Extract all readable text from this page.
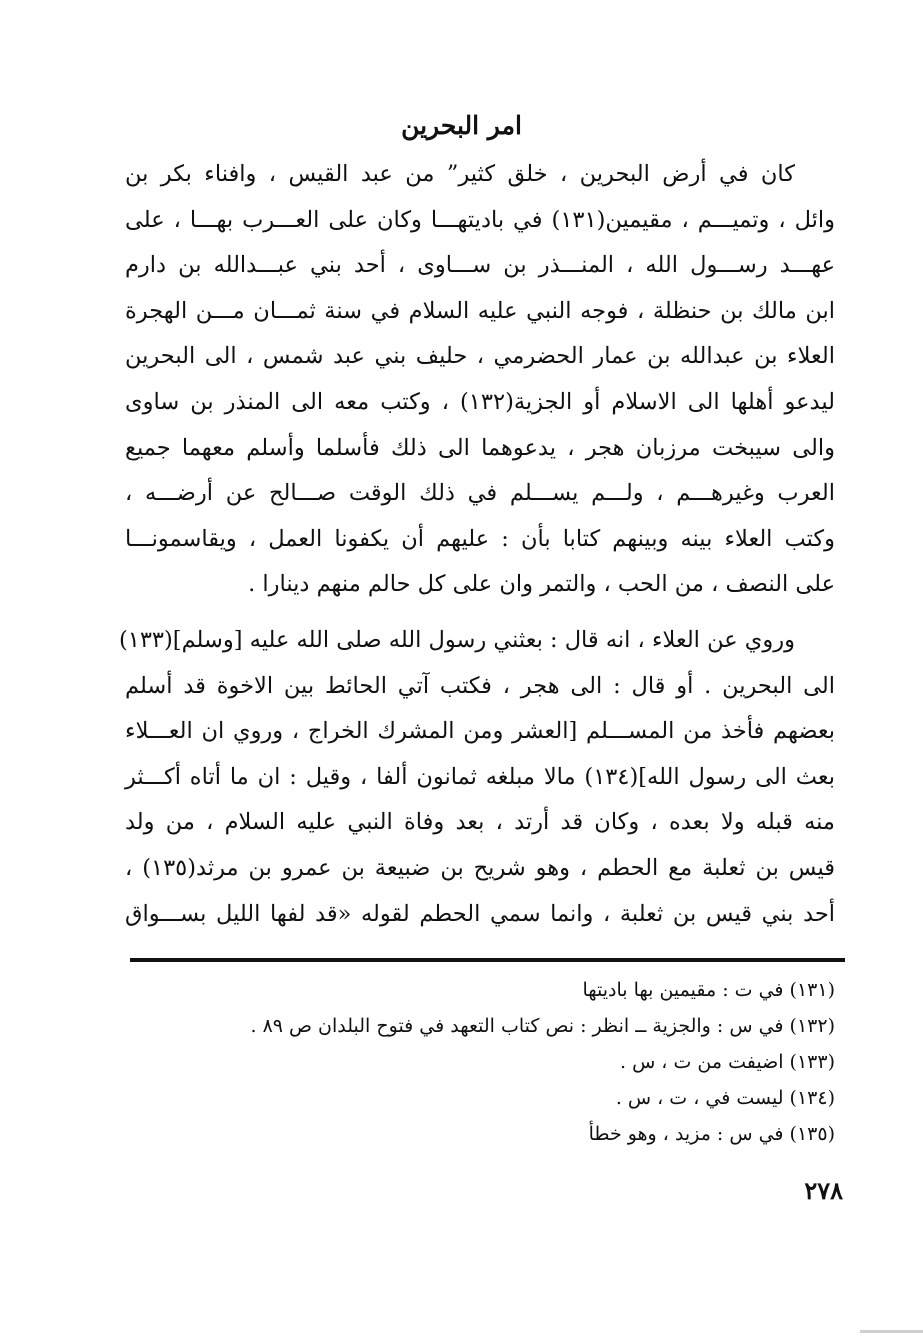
امر البحرين
كان في أرض البحرين ، خلق كثير” من عبد القيس ، وافناء بكر بن
وائل ، وتميـــم ، مقيمين(١٣١) في باديتهـــا وكان على العـــرب بهـــا ، على
عهـــد رســـول الله ، المنـــذر بن ســـاوى ، أحد بني عبـــدالله بن دارم
ابن مالك بن حنظلة ، فوجه النبي عليه السلام في سنة ثمـــان مـــن الهجرة
العلاء بن عبدالله بن عمار الحضرمي ، حليف بني عبد شمس ، الى البحرين
ليدعو أهلها الى الاسلام أو الجزية(١٣٢) ، وكتب معه الى المنذر بن ساوى
والى سيبخت مرزبان هجر ، يدعوهما الى ذلك فأسلما وأسلم معهما جميع
العرب وغيرهـــم ، ولـــم يســـلم في ذلك الوقت صـــالح عن أرضـــه ،
وكتب العلاء بينه وبينهم كتابا بأن : عليهم أن يكفونا العمل ، ويقاسمونـــا
على النصف ، من الحب ، والتمر وان على كل حالم منهم دينارا .
وروي عن العلاء ، انه قال : بعثني رسول الله صلى الله عليه [وسلم](١٣٣)
الى البحرين . أو قال : الى هجر ، فكتب آتي الحائط بين الاخوة قد أسلم
بعضهم فأخذ من المســـلم [العشر ومن المشرك الخراج ، وروي ان العـــلاء
بعث الى رسول الله](١٣٤) مالا مبلغه ثمانون ألفا ، وقيل : ان ما أتاه أكـــثر
منه قبله ولا بعده ، وكان قد أرتد ، بعد وفاة النبي عليه السلام ، من ولد
قيس بن ثعلبة مع الحطم ، وهو شريح بن ضبيعة بن عمرو بن مرثد(١٣٥) ،
أحد بني قيس بن ثعلبة ، وانما سمي الحطم لقوله «قد لفها الليل بســـواق
(١٣١) في ت : مقيمين بها باديتها
(١٣٢) في س : والجزية ــ انظر : نص كتاب التعهد في فتوح البلدان ص ٨٩ .
(١٣٣) اضيفت من ت ، س .
(١٣٤) ليست في ، ت ، س .
(١٣٥) في س : مزيد ، وهو خطأ
٢٧٨
